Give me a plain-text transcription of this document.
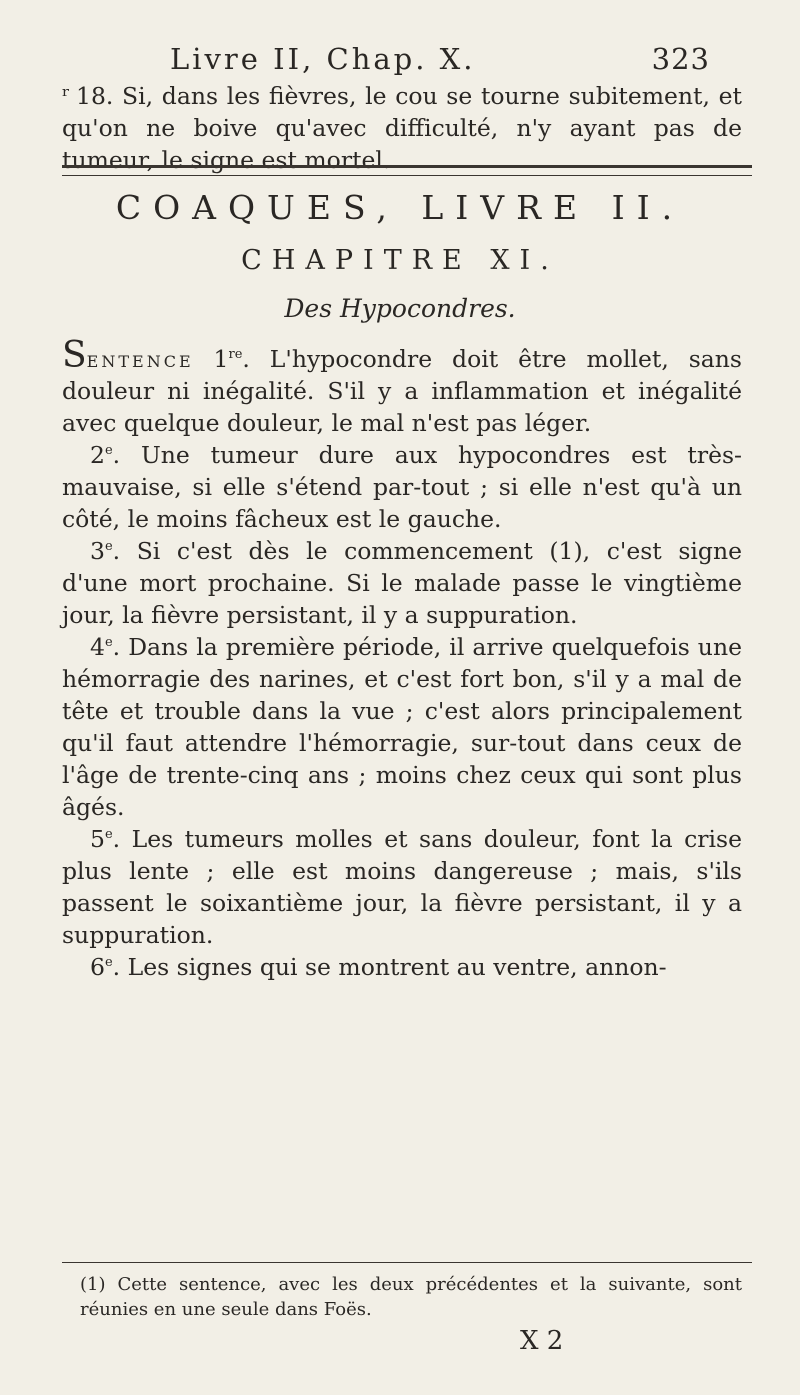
Livre II, Chap. X.	323

ʳ 18. Si, dans les fièvres, le cou se tourne subitement, et qu'on ne boive qu'avec difficulté, n'y ayant pas de tumeur, le signe est mortel.

COAQUES, LIVRE II.
CHAPITRE XI.
Des Hypocondres.

Sentence 1re. L'hypocondre doit être mollet, sans douleur ni inégalité. S'il y a inflammation et inégalité avec quelque douleur, le mal n'est pas léger.

2e. Une tumeur dure aux hypocondres est très-mauvaise, si elle s'étend par-tout ; si elle n'est qu'à un côté, le moins fâcheux est le gauche.

3e. Si c'est dès le commencement (1), c'est signe d'une mort prochaine. Si le malade passe le vingtième jour, la fièvre persistant, il y a suppuration.

4e. Dans la première période, il arrive quelquefois une hémorragie des narines, et c'est fort bon, s'il y a mal de tête et trouble dans la vue ; c'est alors principalement qu'il faut attendre l'hémorragie, sur-tout dans ceux de l'âge de trente-cinq ans ; moins chez ceux qui sont plus âgés.

5e. Les tumeurs molles et sans douleur, font la crise plus lente ; elle est moins dangereuse ; mais, s'ils passent le soixantième jour, la fièvre persistant, il y a suppuration.

6e. Les signes qui se montrent au ventre, annon-

(1) Cette sentence, avec les deux précédentes et la suivante, sont réunies en une seule dans Foës.
X 2
